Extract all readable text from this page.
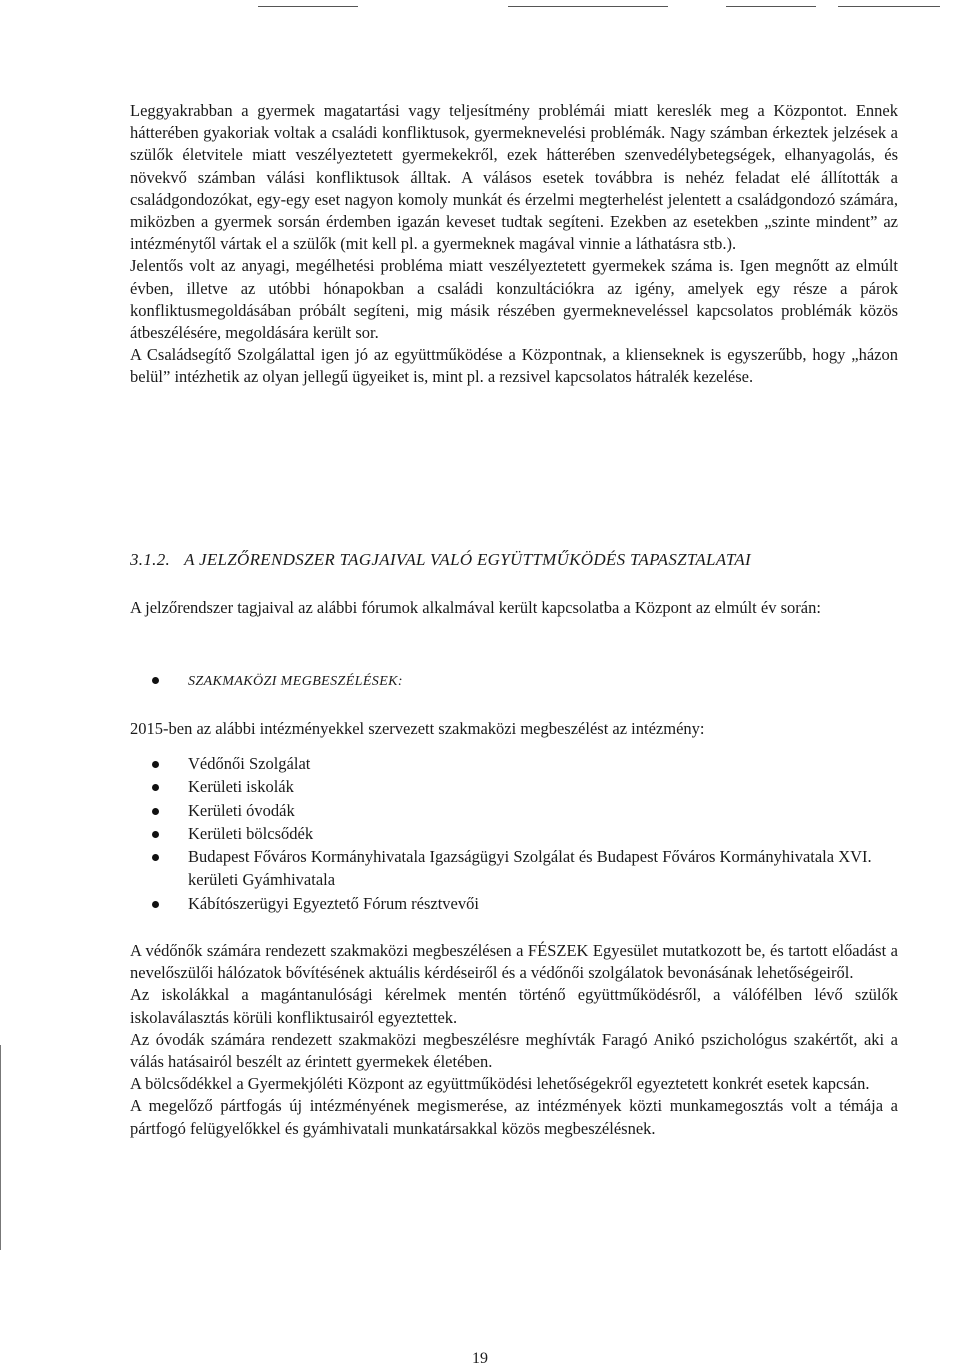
Leggyakrabban a gyermek magatartási vagy teljesítmény problémái miatt kereslék meg a Központot. Ennek hátterében gyakoriak voltak a családi konfliktusok, gyermeknevelési problémák. Nagy számban érkeztek jelzések a szülők életvitele miatt veszélyeztetett gyermekekről, ezek hátterében szenvedélybetegségek, elhanyagolás, és növekvő számban válási konfliktusok álltak. A válásos esetek továbbra is nehéz feladat elé állították a családgondozókat, egy-egy eset nagyon komoly munkát és érzelmi megterhelést jelentett a családgondozó számára, miközben a gyermek sorsán érdemben igazán keveset tudtak segíteni. Ezekben az esetekben „szinte mindent” az intézménytől vártak el a szülők (mit kell pl. a gyermeknek magával vinnie a láthatásra stb.).

Jelentős volt az anyagi, megélhetési probléma miatt veszélyeztetett gyermekek száma is. Igen megnőtt az elmúlt évben, illetve az utóbbi hónapokban a családi konzultációkra az igény, amelyek egy része a párok konfliktusmegoldásában próbált segíteni, mig másik részében gyermekneveléssel kapcsolatos problémák közös átbeszélésére, megoldására került sor.

A Családsegítő Szolgálattal igen jó az együttműködése a Központnak, a klienseknek is egyszerűbb, hogy „házon belül” intézhetik az olyan jellegű ügyeiket is, mint pl. a rezsivel kapcsolatos hátralék kezelése.

3.1.2. A JELZŐRENDSZER TAGJAIVAL VALÓ EGYÜTTMŰKÖDÉS TAPASZTALATAI

A jelzőrendszer tagjaival az alábbi fórumok alkalmával került kapcsolatba a Központ az elmúlt év során:

SZAKMAKÖZI MEGBESZÉLÉSEK:

2015-ben az alábbi intézményekkel szervezett szakmaközi megbeszélést az intézmény:

Védőnői Szolgálat
Kerületi iskolák
Kerületi óvodák
Kerületi bölcsődék
Budapest Főváros Kormányhivatala Igazságügyi Szolgálat és Budapest Főváros Kormányhivatala XVI. kerületi Gyámhivatala
Kábítószerügyi Egyeztető Fórum résztvevői

A védőnők számára rendezett szakmaközi megbeszélésen a FÉSZEK Egyesület mutatkozott be, és tartott előadást a nevelőszülői hálózatok bővítésének aktuális kérdéseiről és a védőnői szolgálatok bevonásának lehetőségeiről.

Az iskolákkal a magántanulósági kérelmek mentén történő együttműködésről, a válófélben lévő szülők iskolaválasztás körüli konfliktusairól egyeztettek.

Az óvodák számára rendezett szakmaközi megbeszélésre meghívták Faragó Anikó pszichológus szakértőt, aki a válás hatásairól beszélt az érintett gyermekek életében.

A bölcsődékkel a Gyermekjóléti Központ az együttműködési lehetőségekről egyeztetett konkrét esetek kapcsán.

A megelőző pártfogás új intézményének megismerése, az intézmények közti munkamegosztás volt a témája a pártfogó felügyelőkkel és gyámhivatali munkatársakkal közös megbeszélésnek.

19
